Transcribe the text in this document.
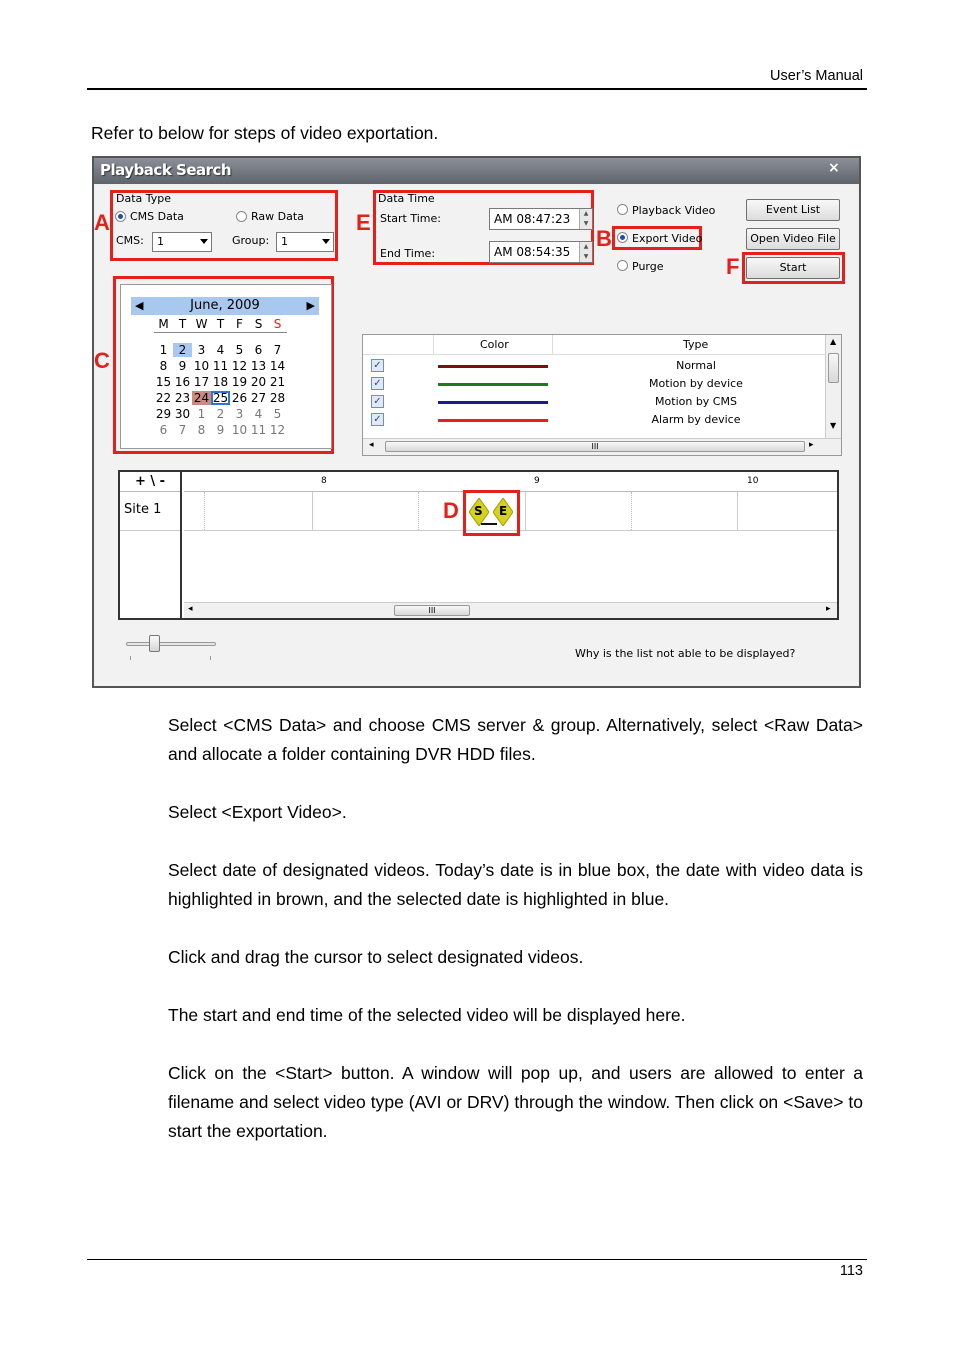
User’s Manual
Refer to below for steps of video exportation.
Playback Search	×
A
Data Type
CMS Data	Raw Data
CMS:	1	Group:	1
E
Data Time
Start Time:	AM 08:47:23	▲
▼
End Time:	AM 08:54:35	▲
▼
Playback Video
B Export Video
Purge
Event List
Open Video File
F	Start
C
◀	June, 2009	▶
M T W T F S S
1 2 3 4 5 6 7
8 9 10 11 12 13 14
15 16 17 18 19 20 21
22 23 24 25 26 27 28
29 30 1 2 3 4 5
6 7 8 9 10 11 12
Color	Type
✓	Normal
✓	Motion by device
✓	Motion by CMS
✓	Alarm by device
▲
▼
◂	III	▸
+ \ -
Site 1
8	9	10
D S E
◂	III	▸
Why is the list not able to be displayed?

Select <CMS Data> and choose CMS server & group. Alternatively, select <Raw Data> and allocate a folder containing DVR HDD files.

Select <Export Video>.

Select date of designated videos. Today’s date is in blue box, the date with video data is highlighted in brown, and the selected date is highlighted in blue.

Click and drag the cursor to select designated videos.

The start and end time of the selected video will be displayed here.

Click on the <Start> button. A window will pop up, and users are allowed to enter a filename and select video type (AVI or DRV) through the window. Then click on <Save> to start the exportation.

113
